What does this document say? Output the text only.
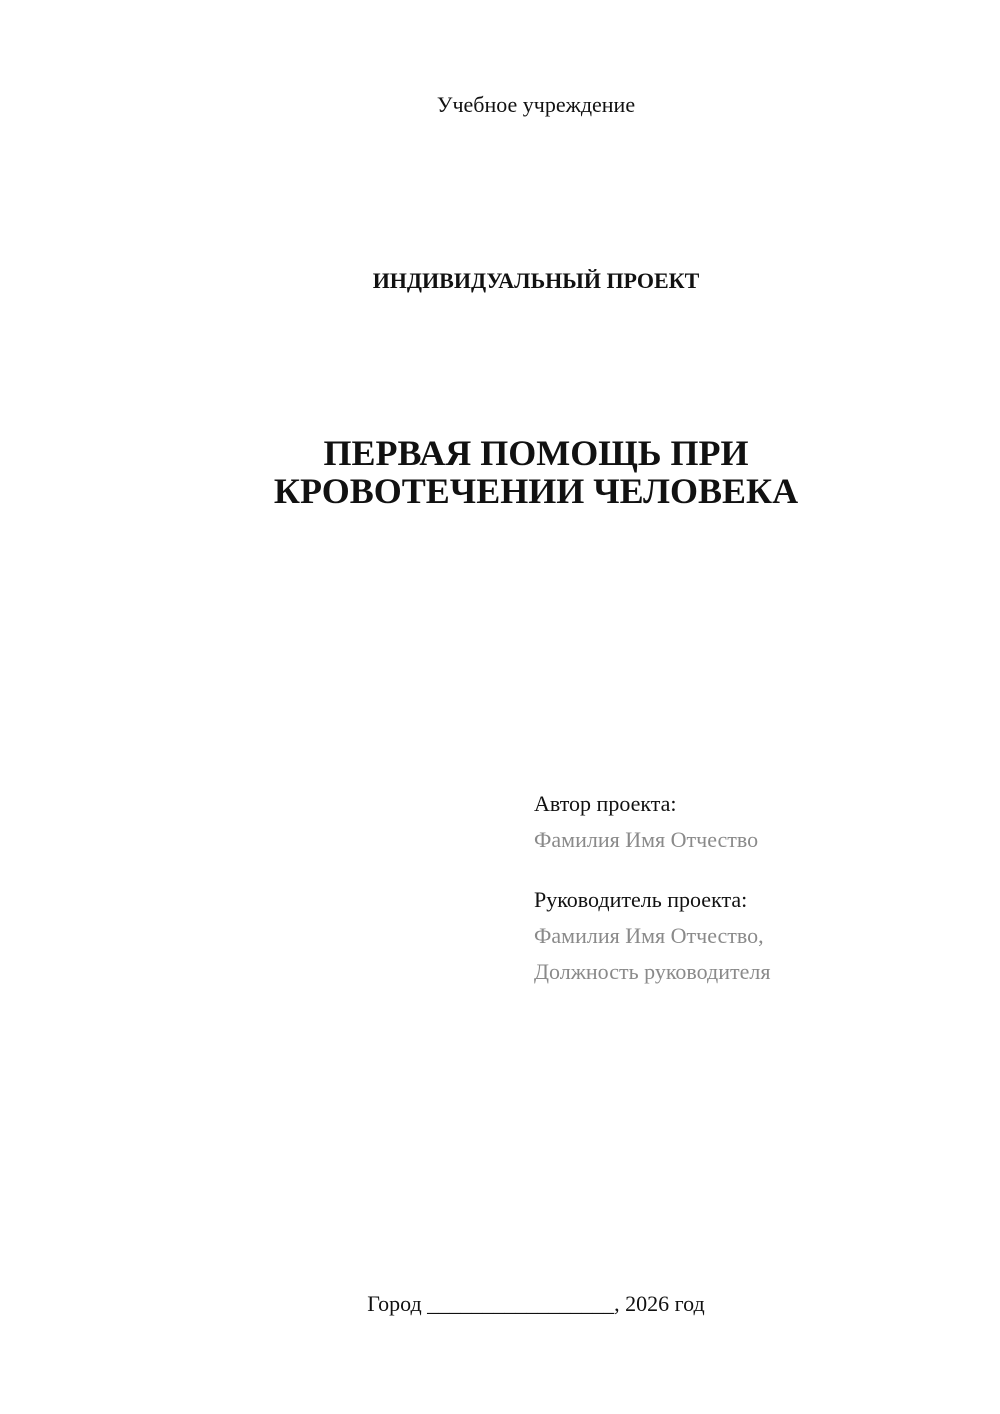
Учебное учреждение
ИНДИВИДУАЛЬНЫЙ ПРОЕКТ
ПЕРВАЯ ПОМОЩЬ ПРИ
КРОВОТЕЧЕНИИ ЧЕЛОВЕКА
Автор проекта:
Фамилия Имя Отчество
Руководитель проекта:
Фамилия Имя Отчество,
Должность руководителя
Город _________________, 2026 год
